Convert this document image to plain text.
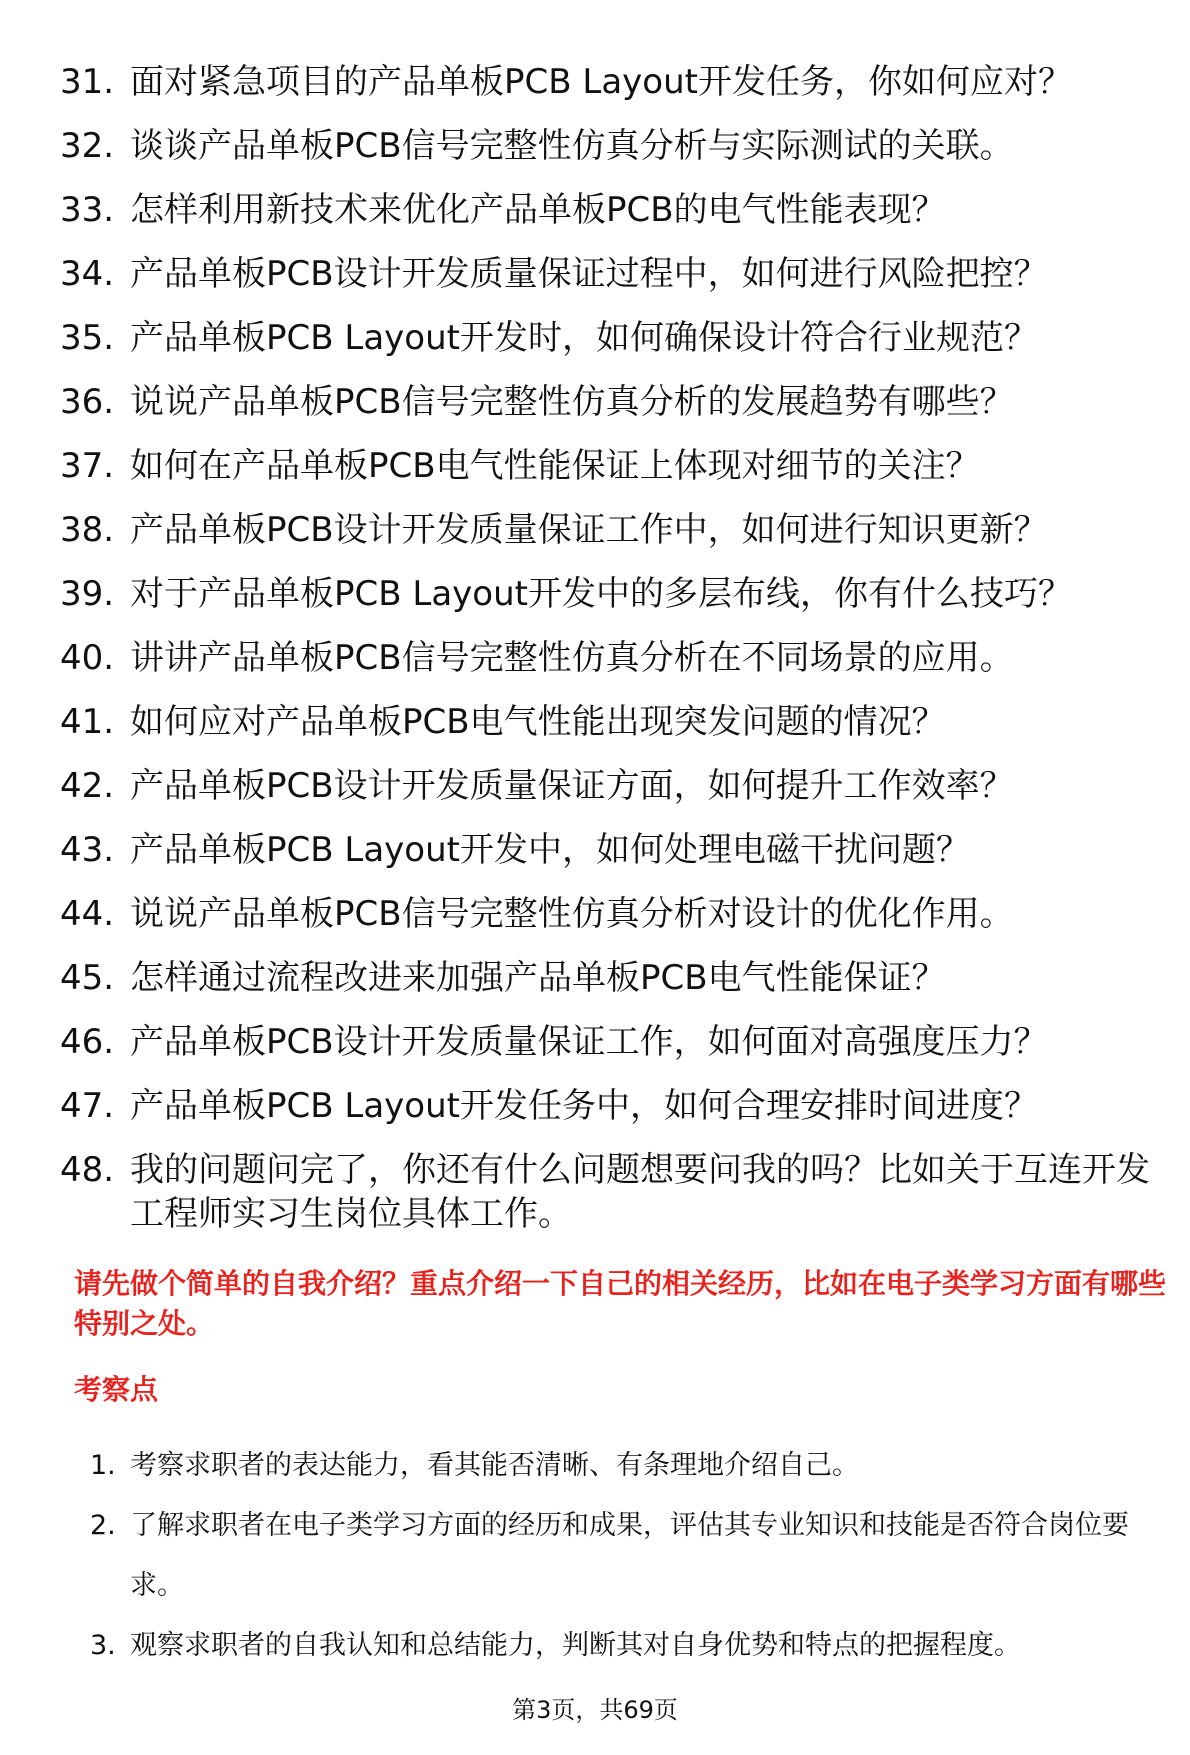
31. 面对紧急项目的产品单板PCB Layout开发任务，你如何应对？
32. 谈谈产品单板PCB信号完整性仿真分析与实际测试的关联。
33. 怎样利用新技术来优化产品单板PCB的电气性能表现？
34. 产品单板PCB设计开发质量保证过程中，如何进行风险把控？
35. 产品单板PCB Layout开发时，如何确保设计符合行业规范？
36. 说说产品单板PCB信号完整性仿真分析的发展趋势有哪些？
37. 如何在产品单板PCB电气性能保证上体现对细节的关注？
38. 产品单板PCB设计开发质量保证工作中，如何进行知识更新？
39. 对于产品单板PCB Layout开发中的多层布线，你有什么技巧？
40. 讲讲产品单板PCB信号完整性仿真分析在不同场景的应用。
41. 如何应对产品单板PCB电气性能出现突发问题的情况？
42. 产品单板PCB设计开发质量保证方面，如何提升工作效率？
43. 产品单板PCB Layout开发中，如何处理电磁干扰问题？
44. 说说产品单板PCB信号完整性仿真分析对设计的优化作用。
45. 怎样通过流程改进来加强产品单板PCB电气性能保证？
46. 产品单板PCB设计开发质量保证工作，如何面对高强度压力？
47. 产品单板PCB Layout开发任务中，如何合理安排时间进度？
48. 我的问题问完了，你还有什么问题想要问我的吗？比如关于互连开发工程师实习生岗位具体工作。
请先做个简单的自我介绍？重点介绍一下自己的相关经历，比如在电子类学习方面有哪些特别之处。
考察点
1. 考察求职者的表达能力，看其能否清晰、有条理地介绍自己。
2. 了解求职者在电子类学习方面的经历和成果，评估其专业知识和技能是否符合岗位要求。
3. 观察求职者的自我认知和总结能力，判断其对自身优势和特点的把握程度。
第3页，共69页
